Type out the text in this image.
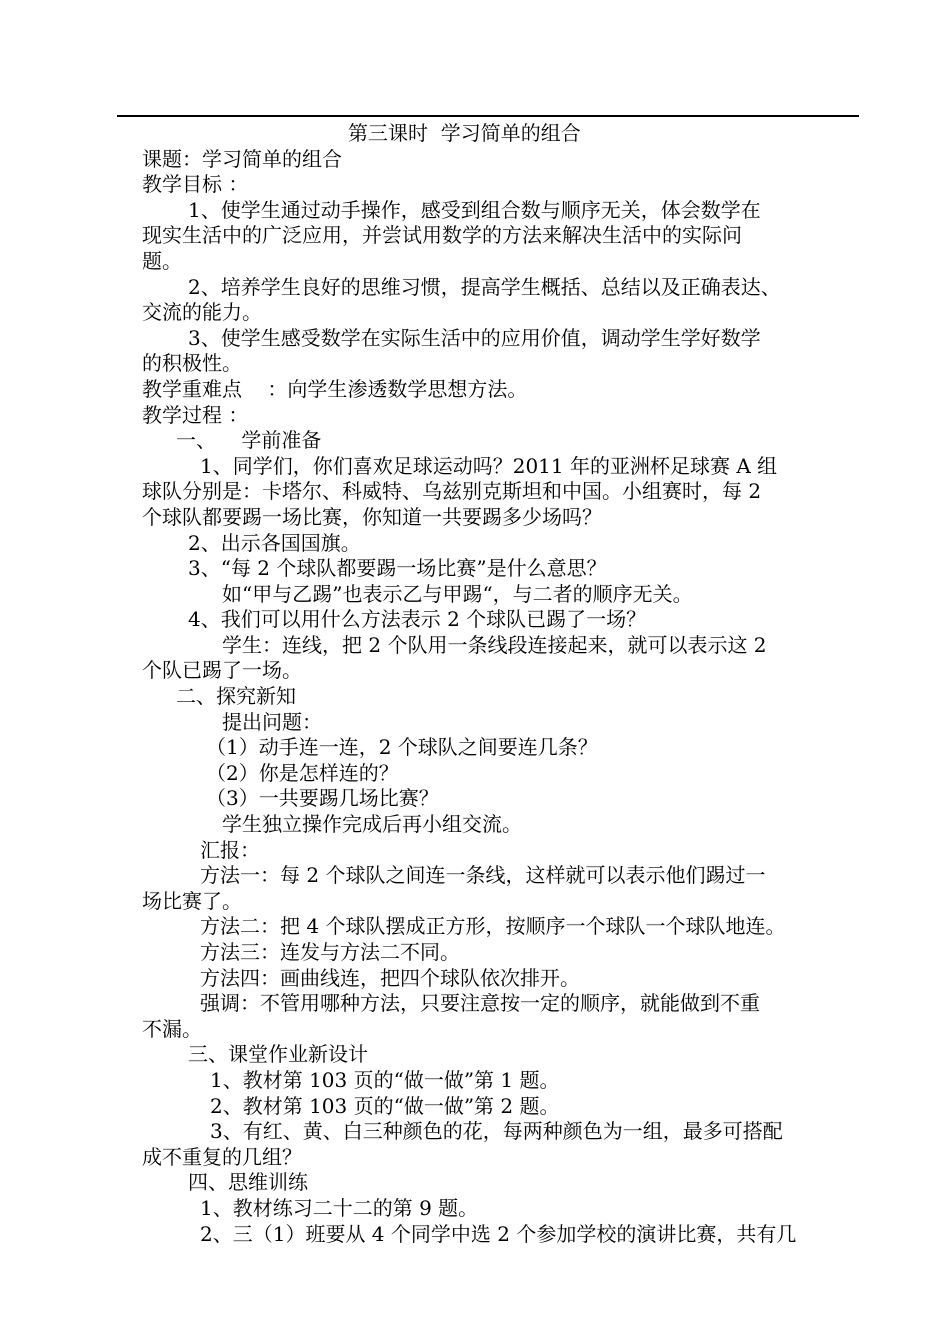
第三课时  学习简单的组合
课题：学习简单的组合
教学目标 ：
1、使学生通过动手操作，感受到组合数与顺序无关，体会数学在
现实生活中的广泛应用，并尝试用数学的方法来解决生活中的实际问
题。
2、培养学生良好的思维习惯，提高学生概括、总结以及正确表达、
交流的能力。
3、使学生感受数学在实际生活中的应用价值，调动学生学好数学
的积极性。
教学重难点    ：向学生渗透数学思想方法。
教学过程 ：
一、    学前准备
1、同学们，你们喜欢足球运动吗？2011 年的亚洲杯足球赛 A 组
球队分别是：卡塔尔、科威特、乌兹别克斯坦和中国。小组赛时，每 2
个球队都要踢一场比赛，你知道一共要踢多少场吗？
2、出示各国国旗。
3、“每 2 个球队都要踢一场比赛”是什么意思？
如“甲与乙踢”也表示乙与甲踢“，与二者的顺序无关。
4、我们可以用什么方法表示 2 个球队已踢了一场？
学生：连线，把 2 个队用一条线段连接起来，就可以表示这 2
个队已踢了一场。
二、探究新知
提出问题：
（1）动手连一连，2 个球队之间要连几条？
（2）你是怎样连的？
（3）一共要踢几场比赛？
学生独立操作完成后再小组交流。
汇报：
方法一：每 2 个球队之间连一条线，这样就可以表示他们踢过一
场比赛了。
方法二：把 4 个球队摆成正方形，按顺序一个球队一个球队地连。
方法三：连发与方法二不同。
方法四：画曲线连，把四个球队依次排开。
强调：不管用哪种方法，只要注意按一定的顺序，就能做到不重
不漏。
三、课堂作业新设计
1、教材第 103 页的“做一做”第 1 题。
2、教材第 103 页的“做一做”第 2 题。
3、有红、黄、白三种颜色的花，每两种颜色为一组，最多可搭配
成不重复的几组？
四、思维训练
1、教材练习二十二的第 9 题。
2、三（1）班要从 4 个同学中选 2 个参加学校的演讲比赛，共有几
